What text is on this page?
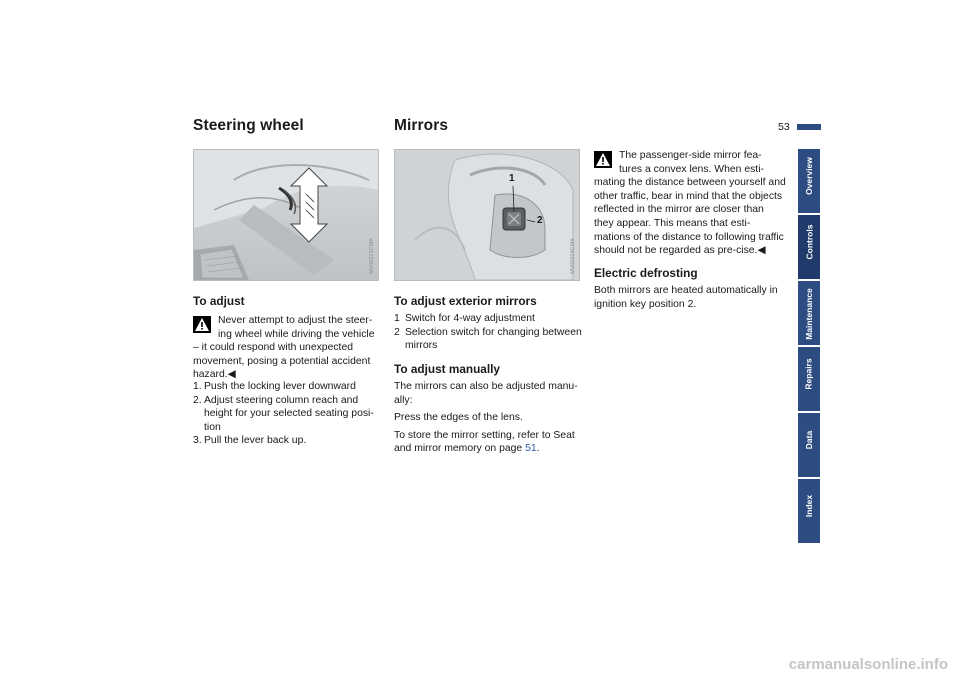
53
Steering wheel
MV06271CMA
To adjust

Never attempt to adjust the steer-

ing wheel while driving the vehicle

– it could respond with unexpected movement, posing a potential accident hazard.◀

1. Push the locking lever downward
2. Adjust steering column reach and height for your selected seating posi-tion
3. Pull the lever back up.
Mirrors
1
2
MV01018CMA
To adjust exterior mirrors
1 Switch for 4-way adjustment
2 Selection switch for changing between mirrors
To adjust manually

The mirrors can also be adjusted manu-ally:

Press the edges of the lens.

To store the mirror setting, refer to Seat and mirror memory on page 51.

The passenger-side mirror fea-

tures a convex lens. When esti-

mating the distance between yourself and other traffic, bear in mind that the objects reflected in the mirror are closer than they appear. This means that esti-mations of the distance to following traffic should not be regarded as pre-cise.◀

Electric defrosting
Both mirrors are heated automatically in ignition key position 2.
Overview
Controls
Maintenance
Repairs
Data
Index
carmanualsonline.info
